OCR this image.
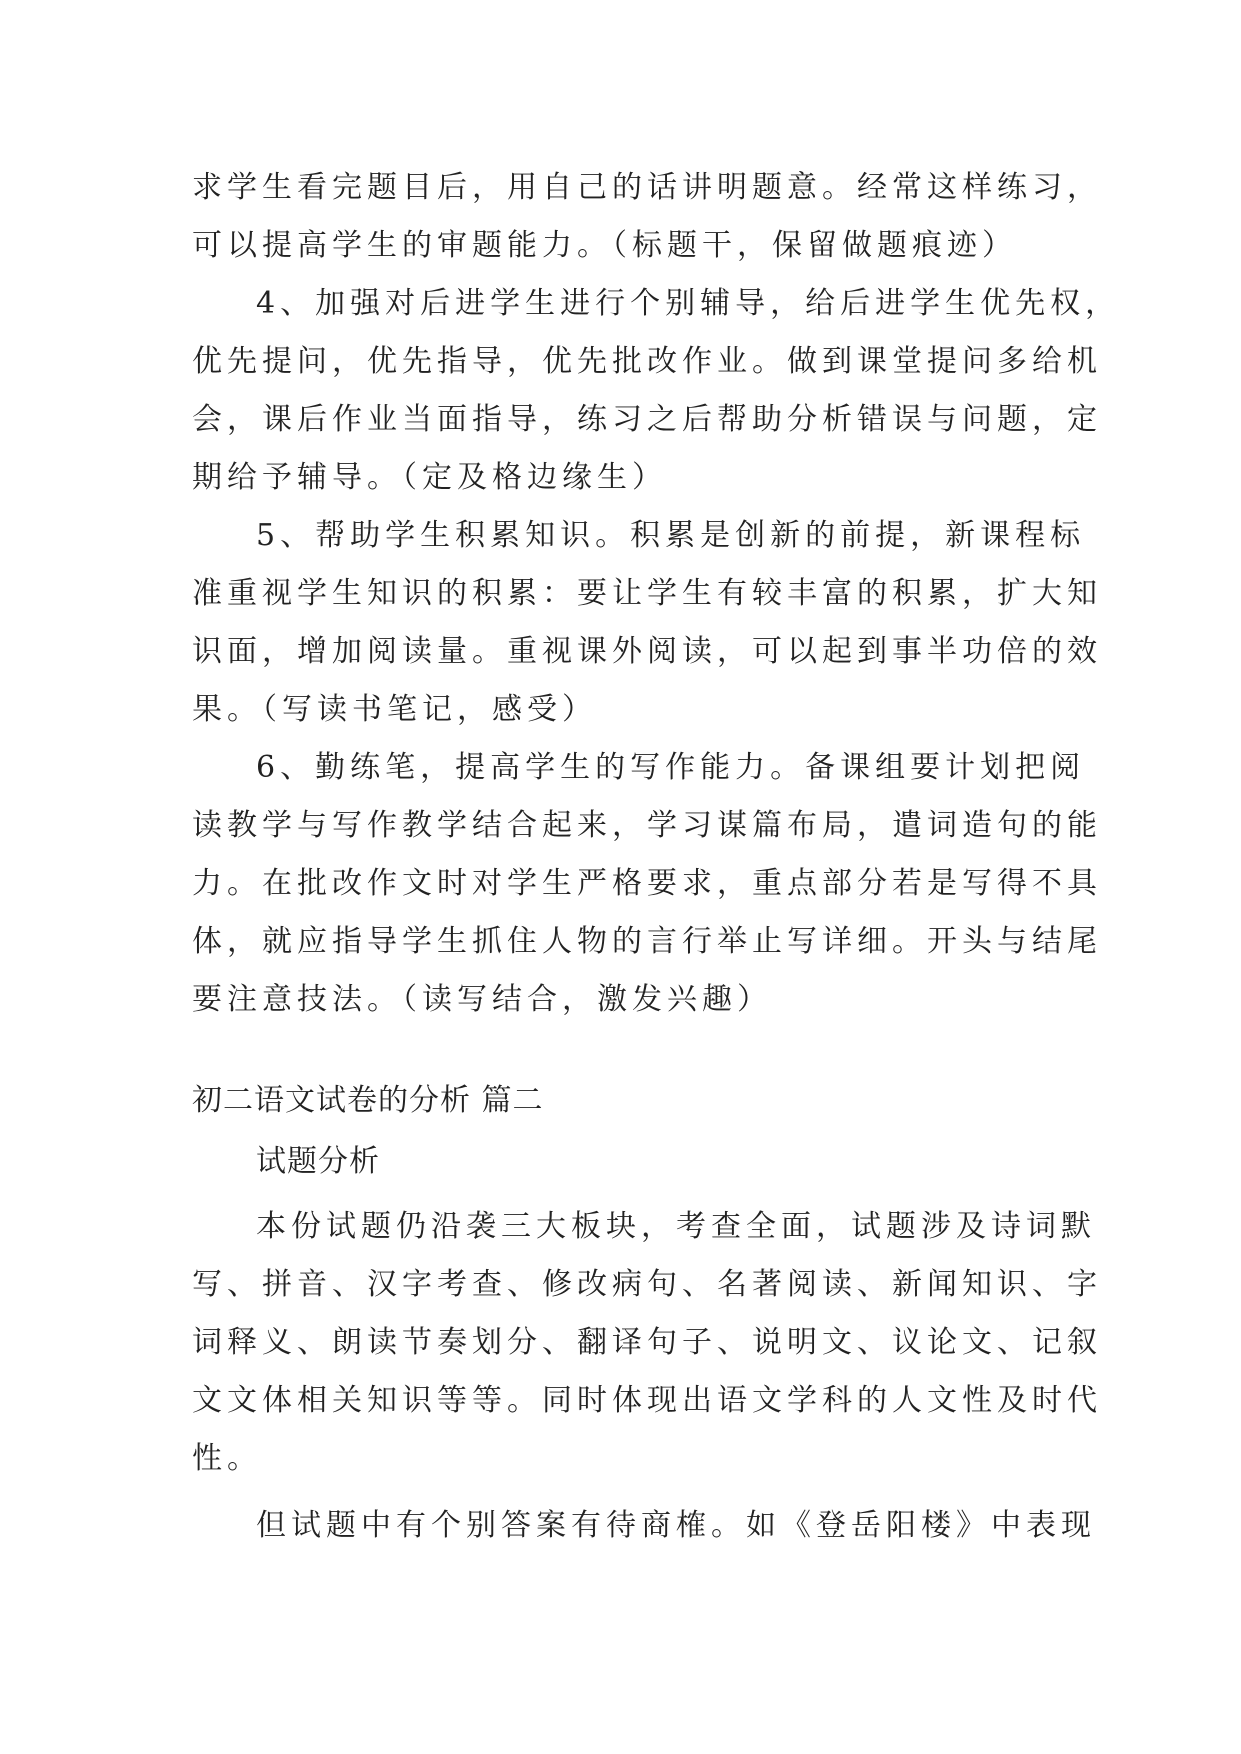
求学生看完题目后，用自己的话讲明题意。经常这样练习，
可以提高学生的审题能力。（标题干，保留做题痕迹）
4、加强对后进学生进行个别辅导，给后进学生优先权，
优先提问，优先指导，优先批改作业。做到课堂提问多给机
会，课后作业当面指导，练习之后帮助分析错误与问题，定
期给予辅导。（定及格边缘生）
5、帮助学生积累知识。积累是创新的前提，新课程标
准重视学生知识的积累：要让学生有较丰富的积累，扩大知
识面，增加阅读量。重视课外阅读，可以起到事半功倍的效
果。（写读书笔记，感受）
6、勤练笔，提高学生的写作能力。备课组要计划把阅
读教学与写作教学结合起来，学习谋篇布局，遣词造句的能
力。在批改作文时对学生严格要求，重点部分若是写得不具
体，就应指导学生抓住人物的言行举止写详细。开头与结尾
要注意技法。（读写结合，激发兴趣）
初二语文试卷的分析 篇二
试题分析
本份试题仍沿袭三大板块，考查全面，试题涉及诗词默
写、拼音、汉字考查、修改病句、名著阅读、新闻知识、字
词释义、朗读节奏划分、翻译句子、说明文、议论文、记叙
文文体相关知识等等。同时体现出语文学科的人文性及时代
性。
但试题中有个别答案有待商榷。如《登岳阳楼》中表现
